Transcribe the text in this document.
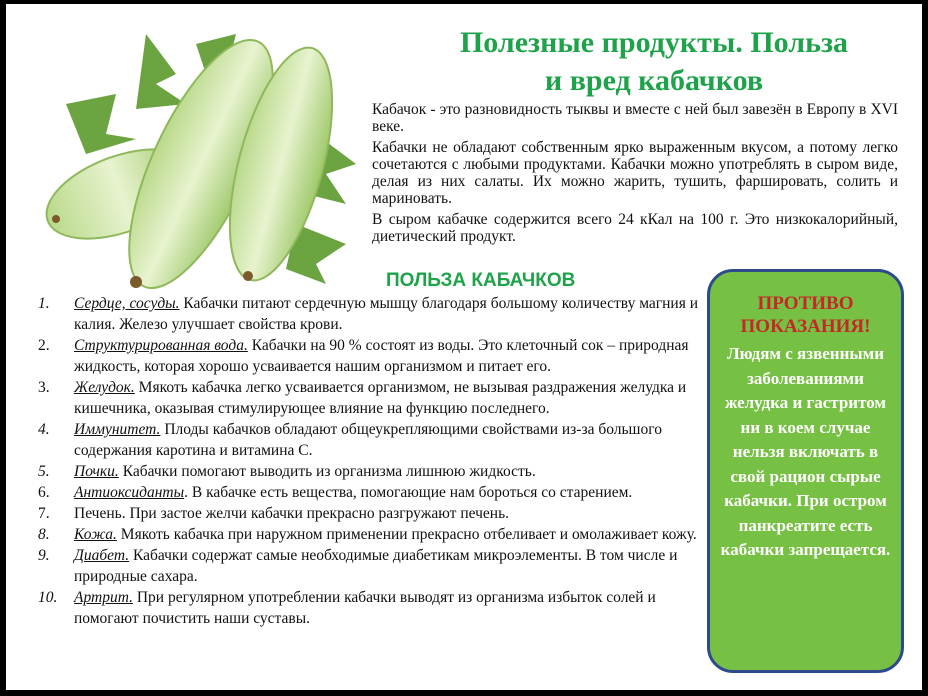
Полезные продукты. Польза
и вред кабачков

Кабачок - это разновидность тыквы и вместе с ней был завезён в Европу в XVI веке.

Кабачки не обладают собственным ярко выраженным вкусом, а потому легко сочетаются с любыми продуктами. Кабачки можно употреблять в сыром виде, делая из них салаты. Их можно жарить, тушить, фаршировать, солить и мариновать.

В сыром кабачке содержится всего 24 кКал на 100 г. Это низкокалорийный, диетический продукт.

ПОЛЬЗА КАБАЧКОВ
1. Сердце, сосуды. Кабачки питают сердечную мышцу благодаря большому количеству магния и калия. Железо улучшает свойства крови.
2. Структурированная вода. Кабачки на 90 % состоят из воды. Это клеточный сок – природная жидкость, которая хорошо усваивается нашим организмом и питает его.
3. Желудок. Мякоть кабачка легко усваивается организмом, не вызывая раздражения желудка и кишечника, оказывая стимулирующее влияние на функцию последнего.
4. Иммунитет. Плоды кабачков обладают общеукрепляющими свойствами из-за большого содержания каротина и витамина С.
5. Почки. Кабачки помогают выводить из организма лишнюю жидкость.
6. Антиоксиданты. В кабачке есть вещества, помогающие нам бороться со старением.
7. Печень. При застое желчи кабачки прекрасно разгружают печень.
8. Кожа. Мякоть кабачка при наружном применении прекрасно отбеливает и омолаживает кожу.
9. Диабет. Кабачки содержат самые необходимые диабетикам микроэлементы. В том числе и природные сахара.
10. Артрит. При регулярном употреблении кабачки выводят из организма избыток солей и помогают почистить наши суставы.
ПРОТИВО ПОКАЗАНИЯ!
Людям с язвенными заболеваниями желудка и гастритом ни в коем случае нельзя включать в свой рацион сырые кабачки. При остром панкреатите есть кабачки запрещается.
